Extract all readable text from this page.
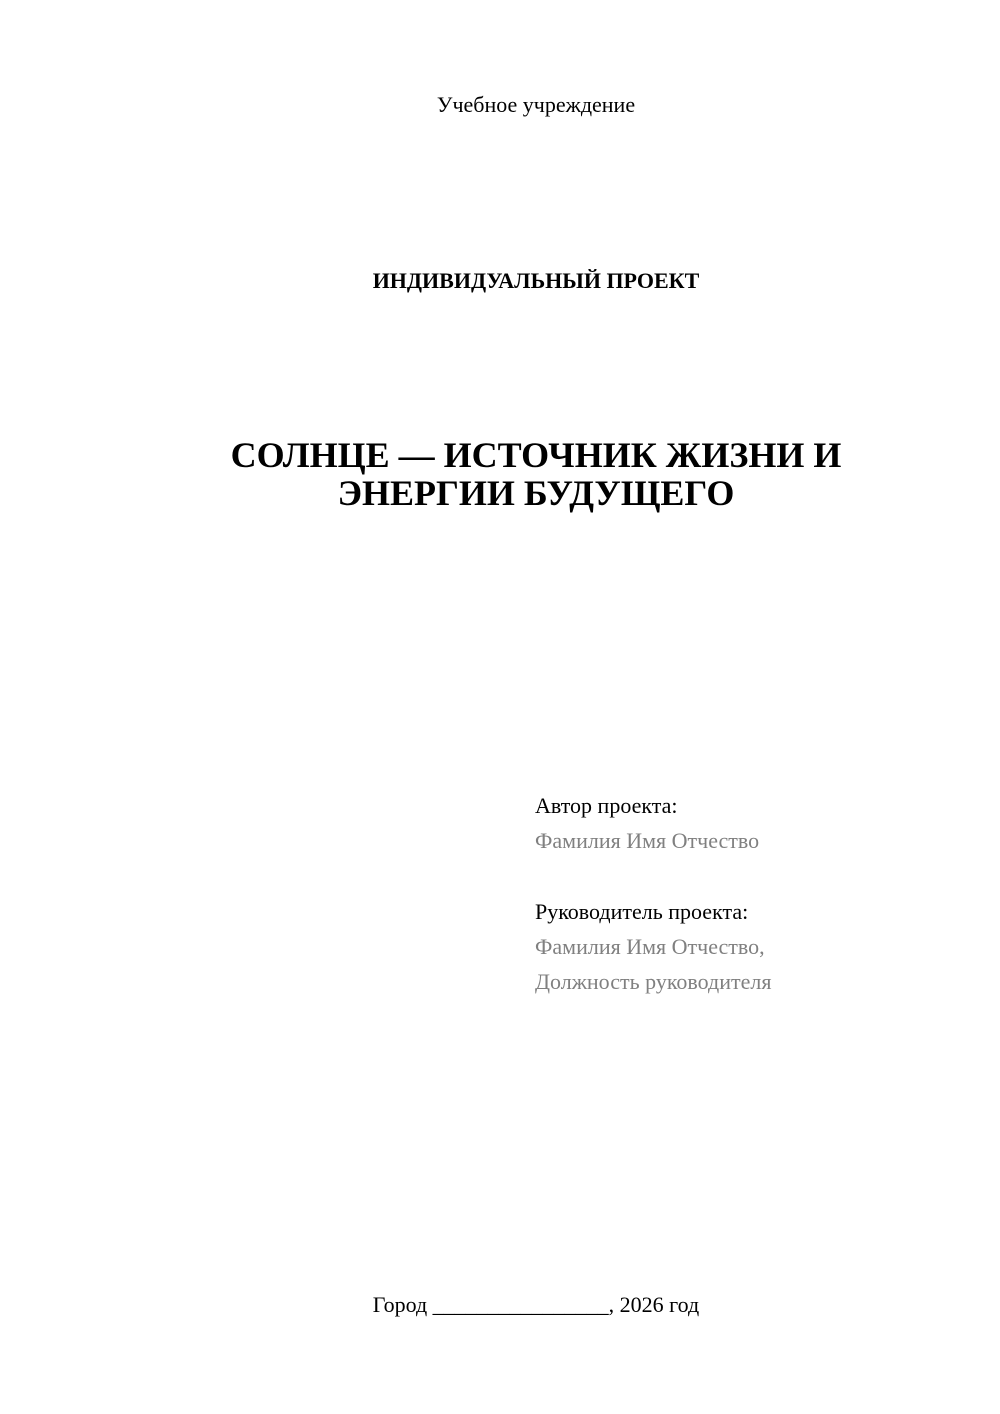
Учебное учреждение
ИНДИВИДУАЛЬНЫЙ ПРОЕКТ
СОЛНЦЕ — ИСТОЧНИК ЖИЗНИ И
ЭНЕРГИИ БУДУЩЕГО
Автор проекта:
Фамилия Имя Отчество
Руководитель проекта:
Фамилия Имя Отчество,
Должность руководителя
Город ________________, 2026 год
